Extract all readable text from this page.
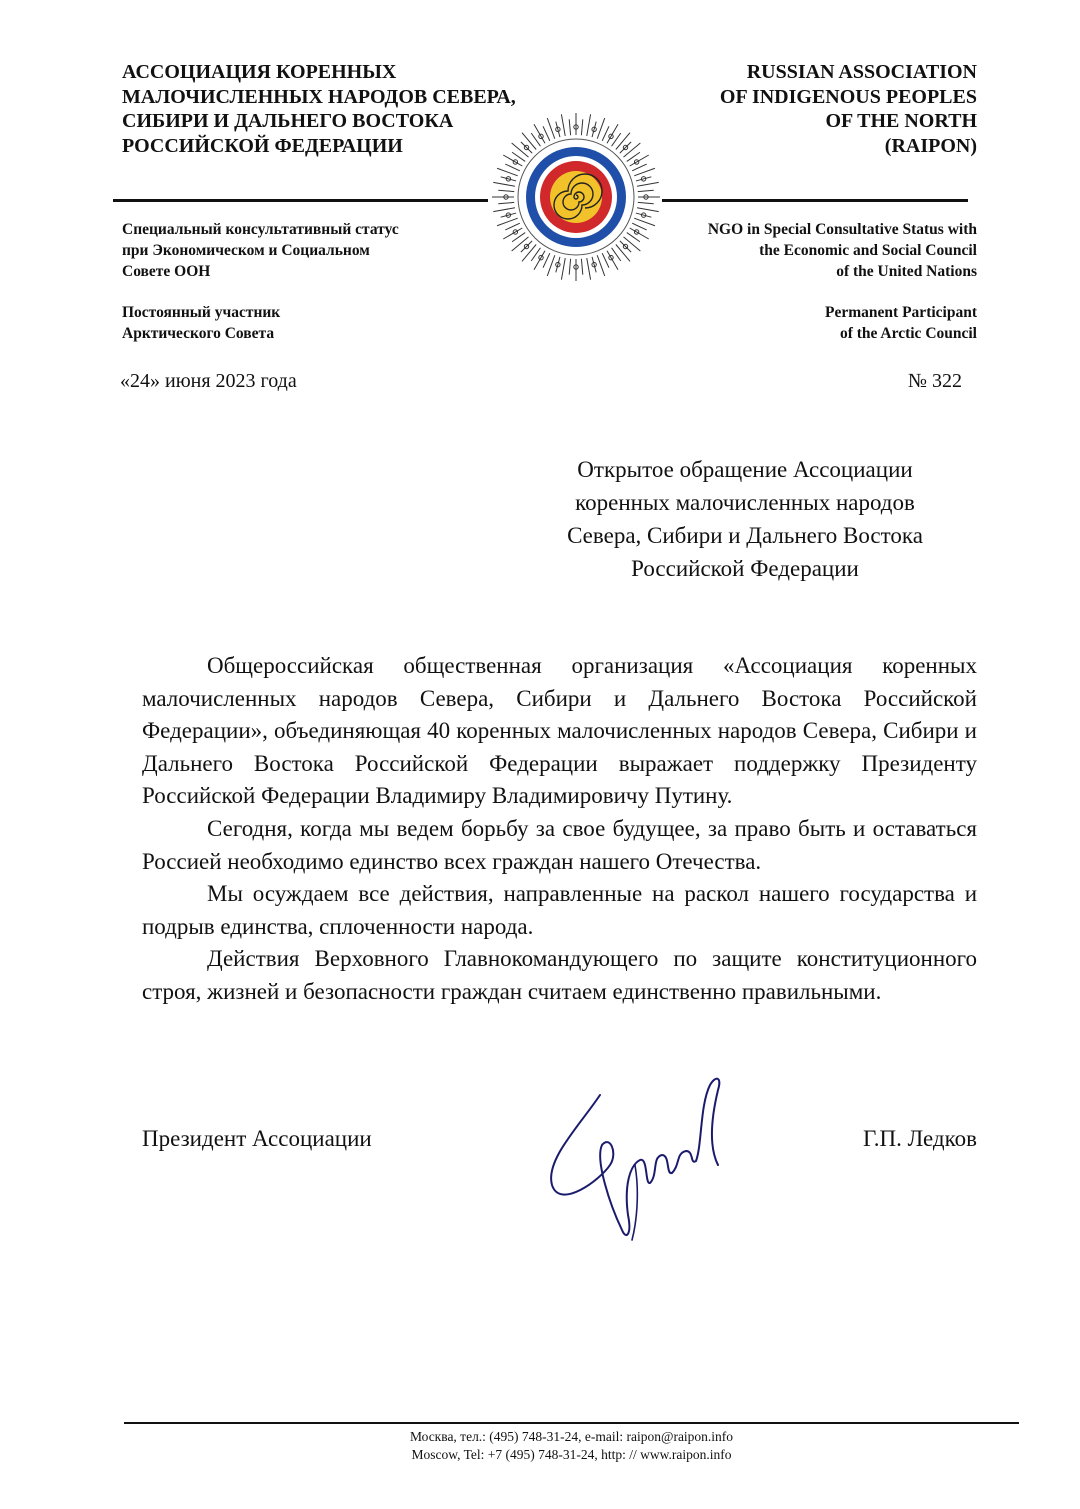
АССОЦИАЦИЯ КОРЕННЫХ
МАЛОЧИСЛЕННЫХ НАРОДОВ СЕВЕРА,
СИБИРИ И ДАЛЬНЕГО ВОСТОКА
РОССИЙСКОЙ ФЕДЕРАЦИИ
RUSSIAN ASSOCIATION
OF INDIGENOUS PEOPLES
OF THE NORTH
(RAIPON)
Специальный консультативный статус
при Экономическом и Социальном
Совете ООН
NGO in Special Consultative Status with
the Economic and Social Council
of the United Nations
Постоянный участник
Арктического Совета
Permanent Participant
of the Arctic Council
«24» июня 2023 года	№ 322
Открытое обращение Ассоциации
коренных малочисленных народов
Севера, Сибири и Дальнего Востока
Российской Федерации

Общероссийская общественная организация «Ассоциация коренных малочисленных народов Севера, Сибири и Дальнего Востока Российской Федерации», объединяющая 40 коренных малочисленных народов Севера, Сибири и Дальнего Востока Российской Федерации выражает поддержку Президенту Российской Федерации Владимиру Владимировичу Путину.

Сегодня, когда мы ведем борьбу за свое будущее, за право быть и оставаться Россией необходимо единство всех граждан нашего Отечества.

Мы осуждаем все действия, направленные на раскол нашего государства и подрыв единства, сплоченности народа.

Действия Верховного Главнокомандующего по защите конституционного строя, жизней и безопасности граждан считаем единственно правильными.

Президент Ассоциации	Г.П. Ледков
Москва, тел.: (495) 748-31-24, e-mail: raipon@raipon.info
Moscow, Tel: +7 (495) 748-31-24, http: // www.raipon.info
